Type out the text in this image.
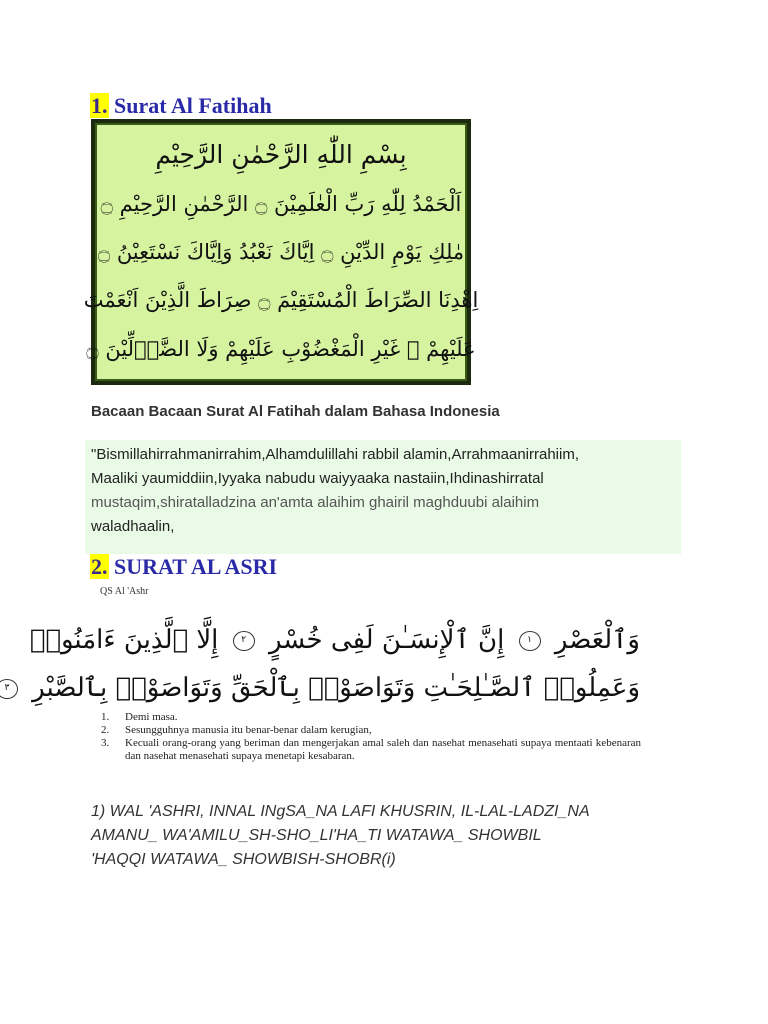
1. Surat Al Fatihah
بِسْمِ اللّٰهِ الرَّحْمٰنِ الرَّحِيْمِ
اَلْحَمْدُ لِلّٰهِ رَبِّ الْعٰلَمِيْنَ ۝ الرَّحْمٰنِ الرَّحِيْمِ ۝
مٰلِكِ يَوْمِ الدِّيْنِ ۝ اِيَّاكَ نَعْبُدُ وَاِيَّاكَ نَسْتَعِيْنُ ۝
اِهْدِنَا الصِّرَاطَ الْمُسْتَقِيْمَ ۝ صِرَاطَ الَّذِيْنَ اَنْعَمْتَ
عَلَيْهِمْ ۙ غَيْرِ الْمَغْضُوْبِ عَلَيْهِمْ وَلَا الضَّاۤلِّيْنَ ۝
Bacaan Bacaan Surat Al Fatihah dalam Bahasa Indonesia
"Bismillahirrahmanirrahim,Alhamdulillahi rabbil alamin,Arrahmaanirrahiim,
Maaliki yaumiddiin,Iyyaka nabudu waiyyaaka nastaiin,Ihdinashirratal
mustaqim,shiratalladzina an'amta alaihim ghairil maghduubi alaihim
waladhaalin,
2. SURAT AL ASRI
QS Al 'Ashr
وَٱلْعَصْرِ ١ إِنَّ ٱلْإِنسَـٰنَ لَفِى خُسْرٍ ٢ إِلَّا ٱلَّذِينَ ءَامَنُوا۟
وَعَمِلُوا۟ ٱلصَّـٰلِحَـٰتِ وَتَوَاصَوْا۟ بِٱلْحَقِّ وَتَوَاصَوْا۟ بِٱلصَّبْرِ ٣
1.	Demi masa.
2.	Sesungguhnya manusia itu benar-benar dalam kerugian,
3.	Kecuali orang-orang yang beriman dan mengerjakan amal saleh dan nasehat menasehati supaya mentaati kebenaran dan nasehat menasehati supaya menetapi kesabaran.
1) WAL 'ASHRI, INNAL INgSA_NA LAFI KHUSRIN, IL-LAL-LADZI_NA
AMANU_ WA'AMILU_SH-SHO_LI'HA_TI WATAWA_ SHOWBIL
'HAQQI WATAWA_ SHOWBISH-SHOBR(i)
